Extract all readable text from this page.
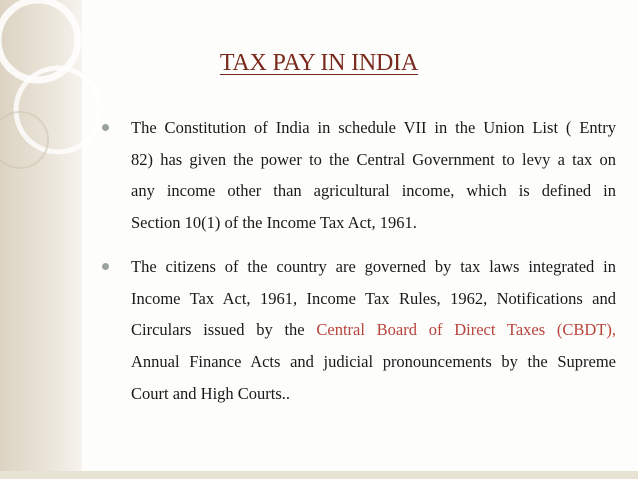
TAX PAY IN INDIA
The Constitution of India in schedule VII in the Union List ( Entry
82) has given the power to the Central Government to levy a tax on
any income other than agricultural income, which is defined in
Section 10(1) of the Income Tax Act, 1961.
The citizens of the country are governed by tax laws integrated in
Income Tax Act, 1961, Income Tax Rules, 1962, Notifications and
Circulars issued by the Central Board of Direct Taxes (CBDT),
Annual Finance Acts and judicial pronouncements by the Supreme
Court and High Courts..
